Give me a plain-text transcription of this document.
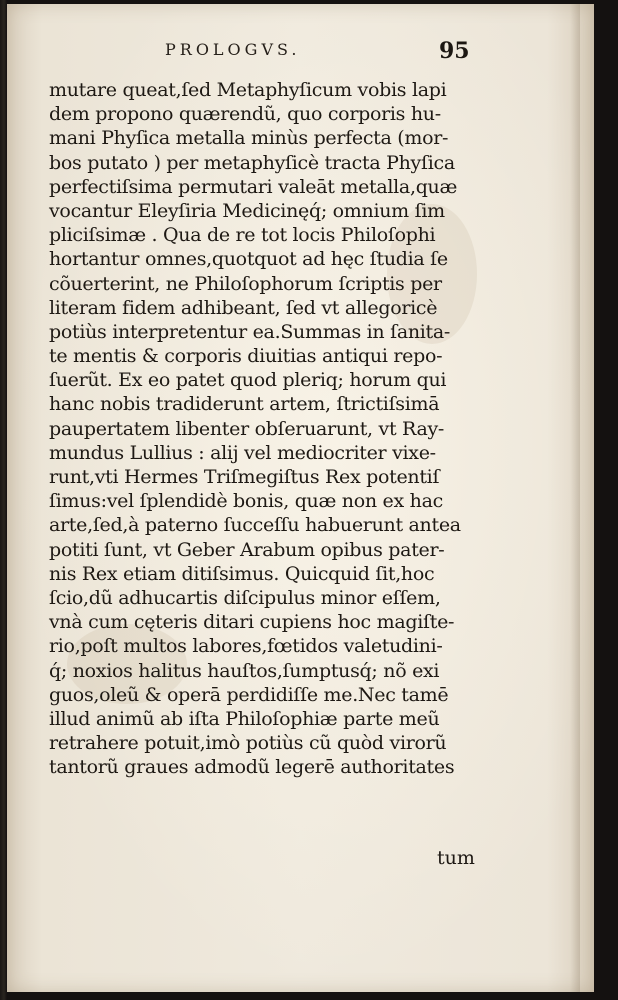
PROLOGVS.	95
mutare queat,ſed Metaphyſicum vobis lapi
dem propono quærendũ, quo corporis hu-
mani Phyſica metalla minùs perfecta (mor-
bos putato ) per metaphyſicè tracta Phyſica
perfectiſsima permutari valeāt metalla,quæ
vocantur Eleyſiria Medicinęq́; omnium ſim
pliciſsimæ . Qua de re tot locis Philoſophi
hortantur omnes,quotquot ad hęc ſtudia ſe
cõuerterint, ne Philoſophorum ſcriptis per
literam fidem adhibeant, ſed vt allegoricè
potiùs interpretentur ea.Summas in ſanita-
te mentis & corporis diuitias antiqui repo-
ſuerũt. Ex eo patet quod pleriq; horum qui
hanc nobis tradiderunt artem, ſtrictiſsimā
paupertatem libenter obſeruarunt, vt Ray-
mundus Lullius : alij vel mediocriter vixe-
runt,vti Hermes Triſmegiſtus Rex potentiſ
ſimus:vel ſplendidè bonis, quæ non ex hac
arte,ſed,à paterno ſucceſſu habuerunt antea
potiti ſunt, vt Geber Arabum opibus pater-
nis Rex etiam ditiſsimus. Quicquid ſit,hoc
ſcio,dũ adhucartis diſcipulus minor eſſem,
vnà cum cęteris ditari cupiens hoc magiſte-
rio,poſt multos labores,fœtidos valetudini-
q́; noxios halitus hauſtos,ſumptusq́; nõ exi
guos,oleũ & operā perdidiſſe me.Nec tamē
illud animũ ab iſta Philoſophiæ parte meũ
retrahere potuit,imò potiùs cũ quòd virorũ
tantorũ graues admodũ legerē authoritates
tum
